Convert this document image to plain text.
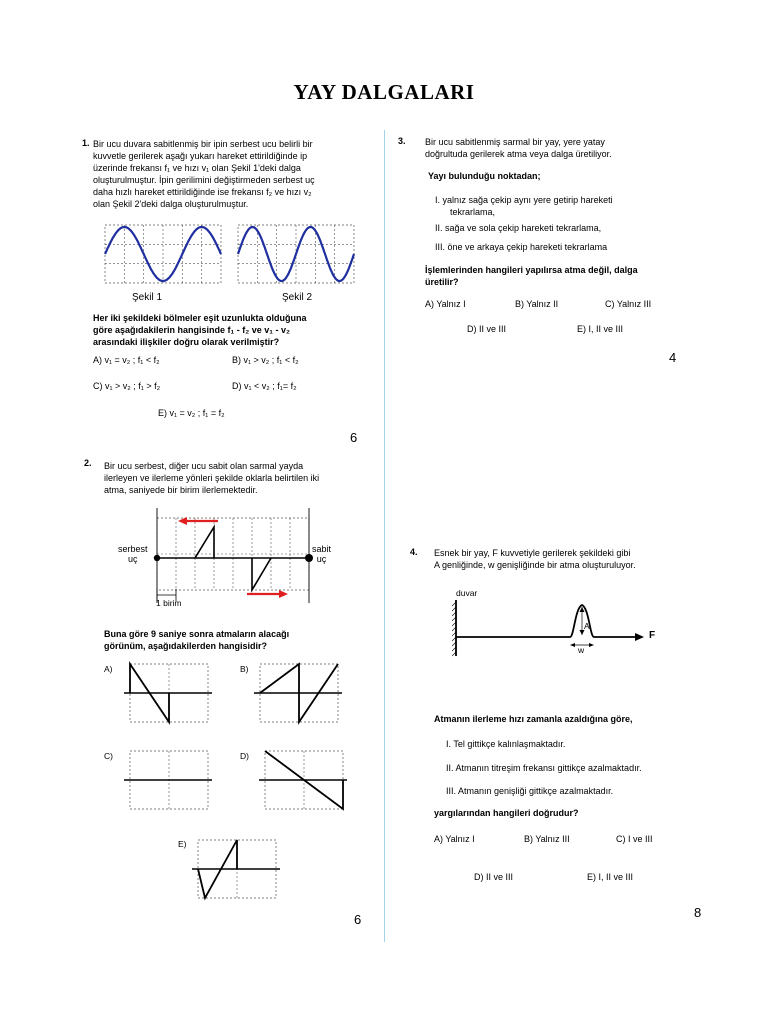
YAY DALGALARI
1. Bir ucu duvara sabitlenmiş bir ipin serbest ucu belirli bir
kuvvetle gerilerek aşağı yukarı hareket ettirildiğinde ip
üzerinde frekansı f₁ ve hızı v₁ olan Şekil 1'deki dalga
oluşturulmuştur. İpin gerilimini değiştirmeden serbest uç
daha hızlı hareket ettirildiğinde ise frekansı f₂ ve hızı v₂
olan Şekil 2'deki dalga oluşturulmuştur.
Şekil 1	Şekil 2
Her iki şekildeki bölmeler eşit uzunlukta olduğuna
göre aşağıdakilerin hangisinde f₁ - f₂ ve v₁ - v₂
arasındaki ilişkiler doğru olarak verilmiştir?
A) v₁ = v₂ ; f₁ < f₂	B) v₁ > v₂ ; f₁ < f₂
C) v₁ > v₂ ; f₁ > f₂	D) v₁ < v₂ ; f₁= f₂
E) v₁ = v₂ ; f₁ = f₂
6
2. Bir ucu serbest, diğer ucu sabit olan sarmal yayda
ilerleyen ve ilerleme yönleri şekilde oklarla belirtilen iki
atma, saniyede bir birim ilerlemektedir.
serbest
uç
sabit
uç
1 birim
Buna göre 9 saniye sonra atmaların alacağı
görünüm, aşağıdakilerden hangisidir?
A)	B)
C)	D)
E)
6
3. Bir ucu sabitlenmiş sarmal bir yay, yere yatay
doğrultuda gerilerek atma veya dalga üretiliyor.
Yayı bulunduğu noktadan;
I. yalnız sağa çekip aynı yere getirip hareketi
tekrarlama,
II. sağa ve sola çekip hareketi tekrarlama,
III. öne ve arkaya çekip hareketi tekrarlama
İşlemlerinden hangileri yapılırsa atma değil, dalga
üretilir?
A) Yalnız I	B) Yalnız II	C) Yalnız III
D) II ve III	E) I, II ve III
4
4. Esnek bir yay, F kuvvetiyle gerilerek şekildeki gibi
A genliğinde, w genişliğinde bir atma oluşturuluyor.
duvar
A
w
F
Atmanın ilerleme hızı zamanla azaldığına göre,
I. Tel gittikçe kalınlaşmaktadır.
II. Atmanın titreşim frekansı gittikçe azalmaktadır.
III. Atmanın genişliği gittikçe azalmaktadır.
yargılarından hangileri doğrudur?
A) Yalnız I	B) Yalnız III	C) I ve III
D) II ve III	E) I, II ve III
8
